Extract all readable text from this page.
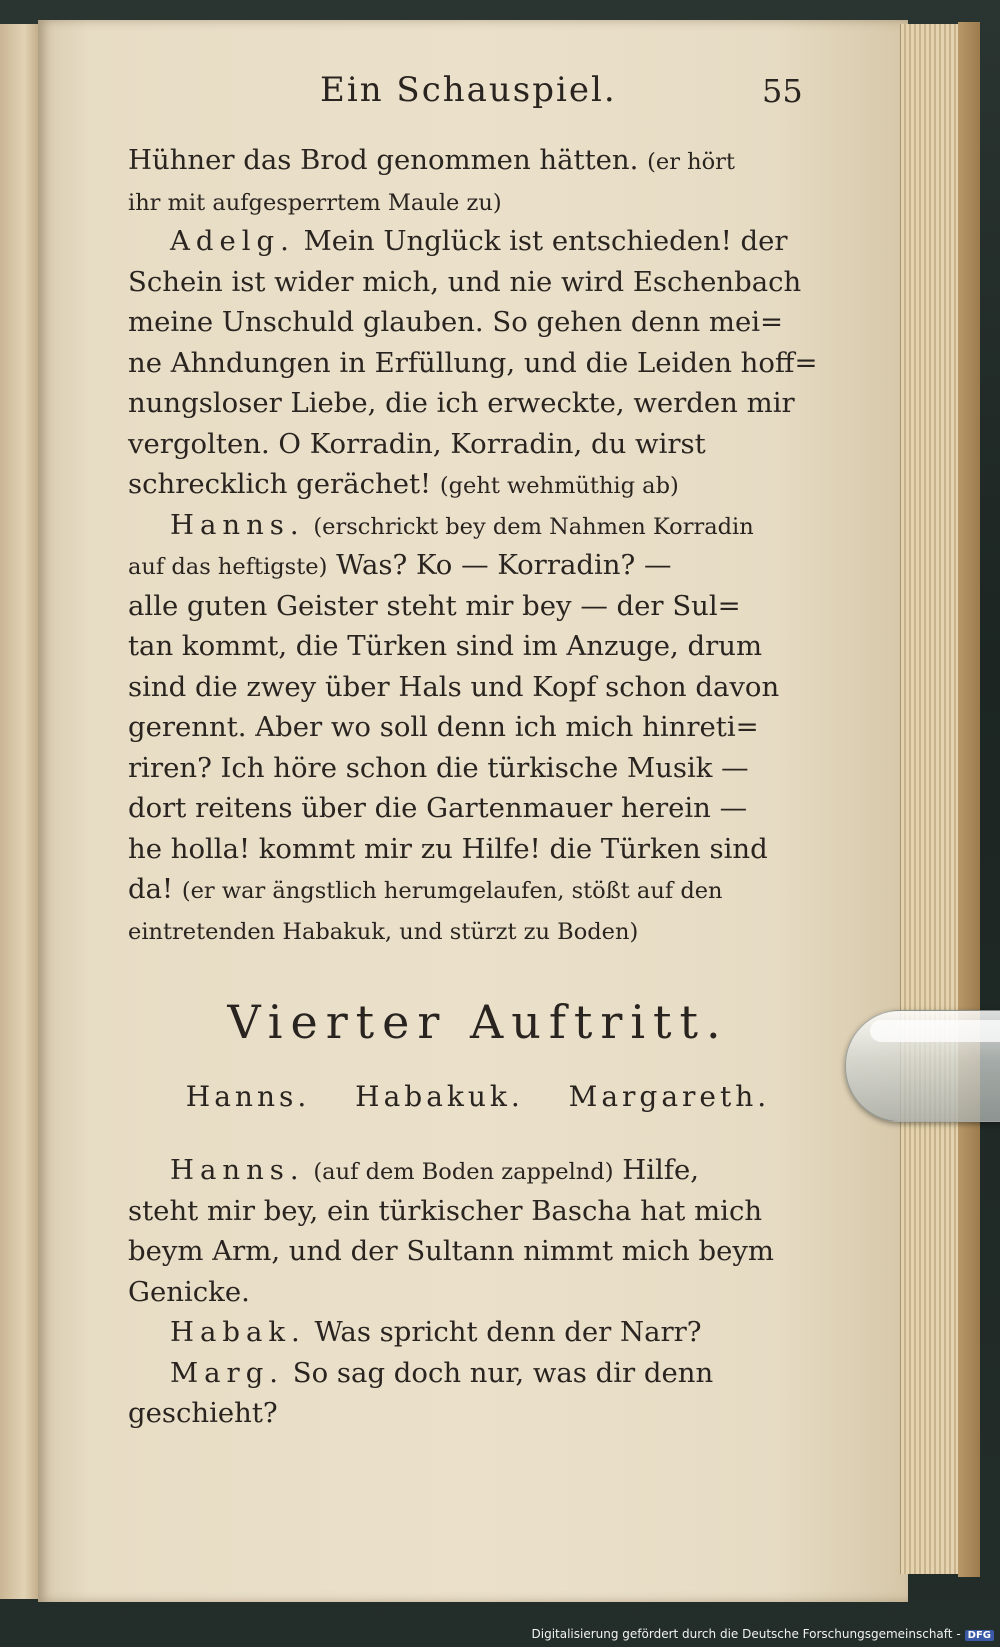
Ein Schauspiel.	55
Hühner das Brod genommen hätten. (er hört
ihr mit aufgesperrtem Maule zu)
Adelg. Mein Unglück ist entschieden! der
Schein ist wider mich, und nie wird Eschenbach
meine Unschuld glauben. So gehen denn mei=
ne Ahndungen in Erfüllung, und die Leiden hoff=
nungsloser Liebe, die ich erweckte, werden mir
vergolten. O Korradin, Korradin, du wirst
schrecklich gerächet! (geht wehmüthig ab)
Hanns. (erschrickt bey dem Nahmen Korradin
auf das heftigste) Was? Ko — Korradin? —
alle guten Geister steht mir bey — der Sul=
tan kommt, die Türken sind im Anzuge, drum
sind die zwey über Hals und Kopf schon davon
gerennt. Aber wo soll denn ich mich hinreti=
riren? Ich höre schon die türkische Musik —
dort reitens über die Gartenmauer herein —
he holla! kommt mir zu Hilfe! die Türken sind
da! (er war ängstlich herumgelaufen, stößt auf den
eintretenden Habakuk, und stürzt zu Boden)
Vierter Auftritt.
Hanns. Habakuk. Margareth.
Hanns. (auf dem Boden zappelnd) Hilfe,
steht mir bey, ein türkischer Bascha hat mich
beym Arm, und der Sultann nimmt mich beym
Genicke.
Habak. Was spricht denn der Narr?
Marg. So sag doch nur, was dir denn
geschieht?
Digitalisierung gefördert durch die Deutsche Forschungsgemeinschaft - DFG
